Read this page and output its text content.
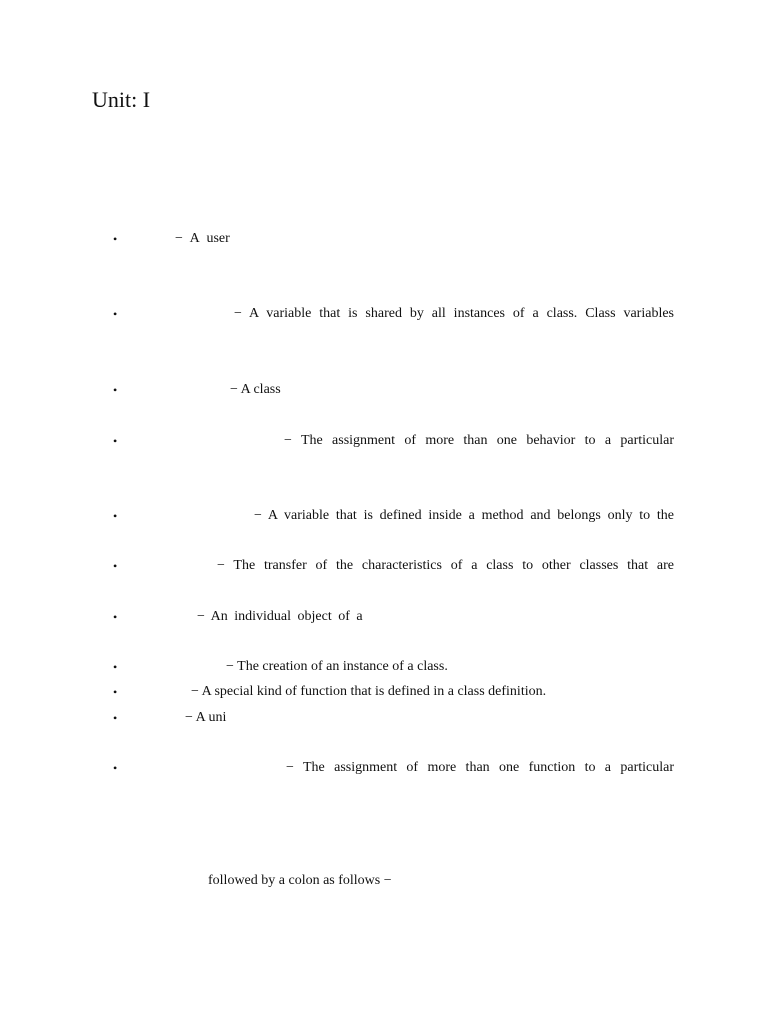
Unit: I
•	− A user
•	− A variable that is shared by all instances of a class. Class variables
•	− A class
•	− The assignment of more than one behavior to a particular
•	− A variable that is defined inside a method and belongs only to the
•	− The transfer of the characteristics of a class to other classes that are
•	− An individual object of a
•	− The creation of an instance of a class.
•	− A special kind of function that is defined in a class definition.
•	− A uni
•	− The assignment of more than one function to a particular
followed by a colon as follows −
